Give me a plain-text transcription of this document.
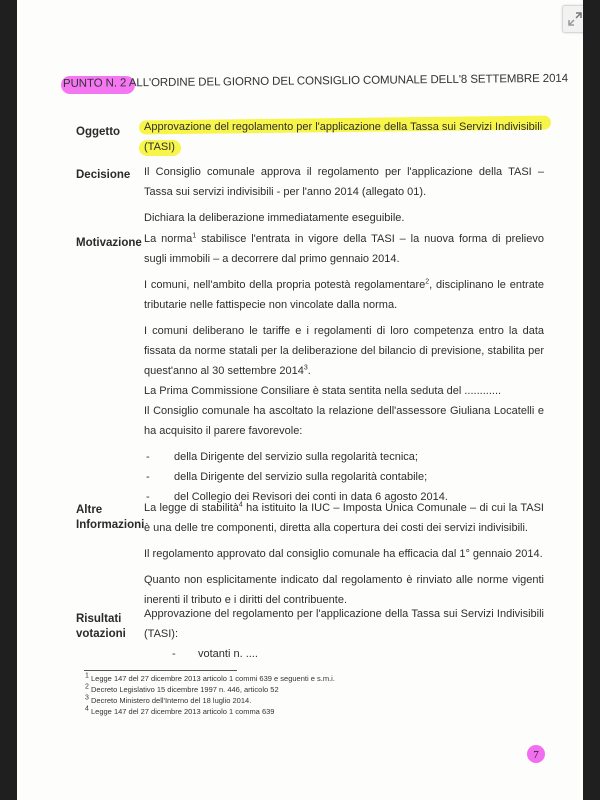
PUNTO N. 2 ALL'ORDINE DEL GIORNO DEL CONSIGLIO COMUNALE DELL'8 SETTEMBRE 2014
Oggetto Approvazione del regolamento per l'applicazione della Tassa sui Servizi Indivisibili
(TASI)
Decisione Il Consiglio comunale approva il regolamento per l'applicazione della TASI – Tassa sui servizi indivisibili - per l'anno 2014 (allegato 01).

Dichiara la deliberazione immediatamente eseguibile.

Motivazione La norma$^1$ stabilisce l'entrata in vigore della TASI – la nuova forma di prelievo sugli immobili – a decorrere dal primo gennaio 2014.

I comuni, nell'ambito della propria potestà regolamentare$^2$, disciplinano le entrate tributarie nelle fattispecie non vincolate dalla norma.

I comuni deliberano le tariffe e i regolamenti di loro competenza entro la data fissata da norme statali per la deliberazione del bilancio di previsione, stabilita per quest'anno al 30 settembre 2014$^3$.

La Prima Commissione Consiliare è stata sentita nella seduta del ............

Il Consiglio comunale ha ascoltato la relazione dell'assessore Giuliana Locatelli e ha acquisito il parere favorevole:

- della Dirigente del servizio sulla regolarità tecnica;
- della Dirigente del servizio sulla regolarità contabile;
- del Collegio dei Revisori dei conti in data 6 agosto 2014.
Altre
Informazioni

La legge di stabilità$^4$ ha istituito la IUC – Imposta Unica Comunale – di cui la TASI è una delle tre componenti, diretta alla copertura dei costi dei servizi indivisibili.

Il regolamento approvato dal consiglio comunale ha efficacia dal 1° gennaio 2014.

Quanto non esplicitamente indicato dal regolamento è rinviato alle norme vigenti inerenti il tributo e i diritti del contribuente.

Risultati
votazioni

Approvazione del regolamento per l'applicazione della Tassa sui Servizi Indivisibili (TASI):

- votanti n. ....
$^1$ Legge 147 del 27 dicembre 2013 articolo 1 commi 639 e seguenti e s.m.i.
$^2$ Decreto Legislativo 15 dicembre 1997 n. 446, articolo 52
$^3$ Decreto Ministero dell'Interno del 18 luglio 2014.
$^4$ Legge 147 del 27 dicembre 2013 articolo 1 comma 639
7
